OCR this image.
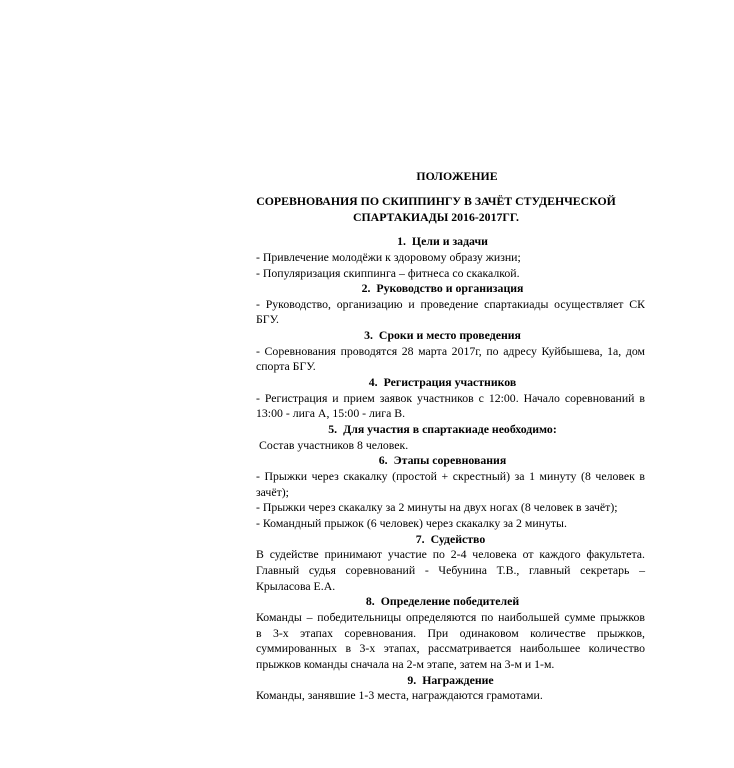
ПОЛОЖЕНИЕ
СОРЕВНОВАНИЯ ПО СКИППИНГУ В ЗАЧЁТ СТУДЕНЧЕСКОЙ
СПАРТАКИАДЫ 2016-2017ГГ.
1. Цели и задачи
- Привлечение молодёжи к здоровому образу жизни;
- Популяризация скиппинга – фитнеса со скакалкой.
2. Руководство и организация
- Руководство, организацию и проведение спартакиады осуществляет СК
БГУ.
3. Сроки и место проведения
- Соревнования проводятся 28 марта 2017г, по адресу Куйбышева, 1а, дом
спорта БГУ.
4. Регистрация участников
- Регистрация и прием заявок участников с 12:00. Начало соревнований в
13:00 - лига А, 15:00 - лига В.
5. Для участия в спартакиаде необходимо:
Состав участников 8 человек.
6. Этапы соревнования
- Прыжки через скакалку (простой + скрестный) за 1 минуту (8 человек в
зачёт);
- Прыжки через скакалку за 2 минуты на двух ногах (8 человек в зачёт);
- Командный прыжок (6 человек) через скакалку за 2 минуты.
7. Судейство
В судействе принимают участие по 2-4 человека от каждого факультета.
Главный судья соревнований - Чебунина Т.В., главный секретарь –
Крыласова Е.А.
8. Определение победителей
Команды – победительницы определяются по наибольшей сумме прыжков
в 3-х этапах соревнования. При одинаковом количестве прыжков,
суммированных в 3-х этапах, рассматривается наибольшее количество
прыжков команды сначала на 2-м этапе, затем на 3-м и 1-м.
9. Награждение
Команды, занявшие 1-3 места, награждаются грамотами.
